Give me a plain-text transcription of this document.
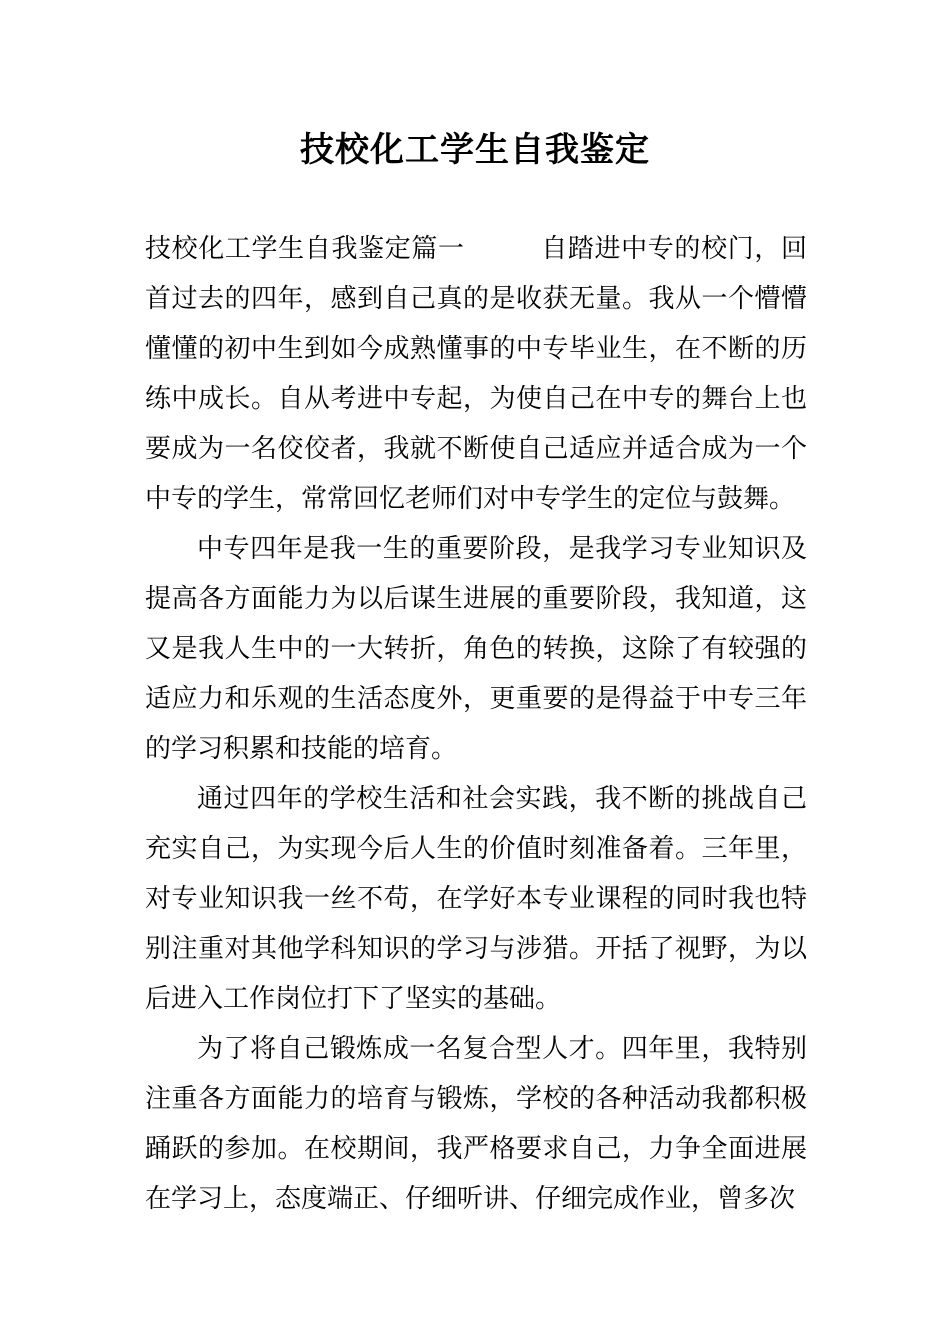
技校化工学生自我鉴定

技校化工学生自我鉴定篇一	自踏进中专的校门，回首过去的四年，感到自己真的是收获无量。我从一个懵懵懂懂的初中生到如今成熟懂事的中专毕业生，在不断的历练中成长。自从考进中专起，为使自己在中专的舞台上也要成为一名佼佼者，我就不断使自己适应并适合成为一个中专的学生，常常回忆老师们对中专学生的定位与鼓舞。

中专四年是我一生的重要阶段，是我学习专业知识及提高各方面能力为以后谋生进展的重要阶段，我知道，这又是我人生中的一大转折，角色的转换，这除了有较强的适应力和乐观的生活态度外，更重要的是得益于中专三年的学习积累和技能的培育。

通过四年的学校生活和社会实践，我不断的挑战自己充实自己，为实现今后人生的价值时刻准备着。三年里，对专业知识我一丝不苟，在学好本专业课程的同时我也特别注重对其他学科知识的学习与涉猎。开括了视野，为以后进入工作岗位打下了坚实的基础。

为了将自己锻炼成一名复合型人才。四年里，我特别注重各方面能力的培育与锻炼，学校的各种活动我都积极踊跃的参加。在校期间，我严格要求自己，力争全面进展在学习上，态度端正、仔细听讲、仔细完成作业，曾多次
